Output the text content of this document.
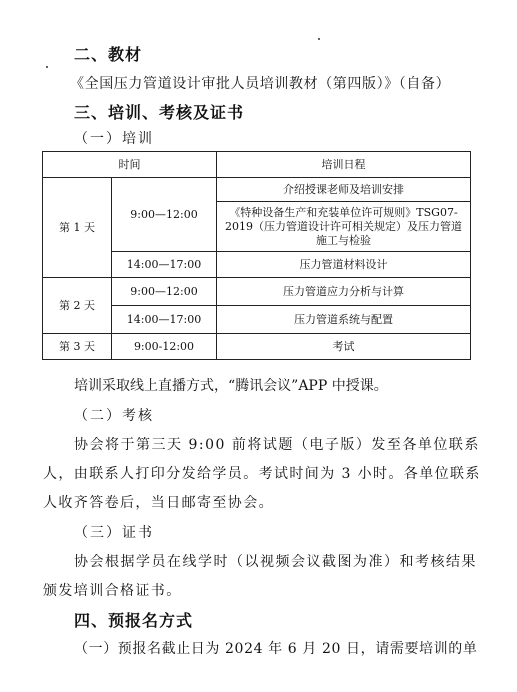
二、教材
《全国压力管道设计审批人员培训教材（第四版）》（自备）
三、培训、考核及证书
（一）培训
时间		培训日程
第 1 天	9:00—12:00	介绍授课老师及培训安排
		《特种设备生产和充装单位许可规则》TSG07-2019（压力管道设计许可相关规定）及压力管道施工与检验
	14:00—17:00	压力管道材料设计
第 2 天	9:00—12:00	压力管道应力分析与计算
	14:00—17:00	压力管道系统与配置
第 3 天	9:00-12:00	考试
培训采取线上直播方式，“腾讯会议”APP 中授课。
（二）考核
协会将于第三天 9:00 前将试题（电子版）发至各单位联系
人，由联系人打印分发给学员。考试时间为 3 小时。各单位联系
人收齐答卷后，当日邮寄至协会。
（三）证书
协会根据学员在线学时（以视频会议截图为准）和考核结果
颁发培训合格证书。
四、预报名方式
（一）预报名截止日为 2024 年 6 月 20 日，请需要培训的单
